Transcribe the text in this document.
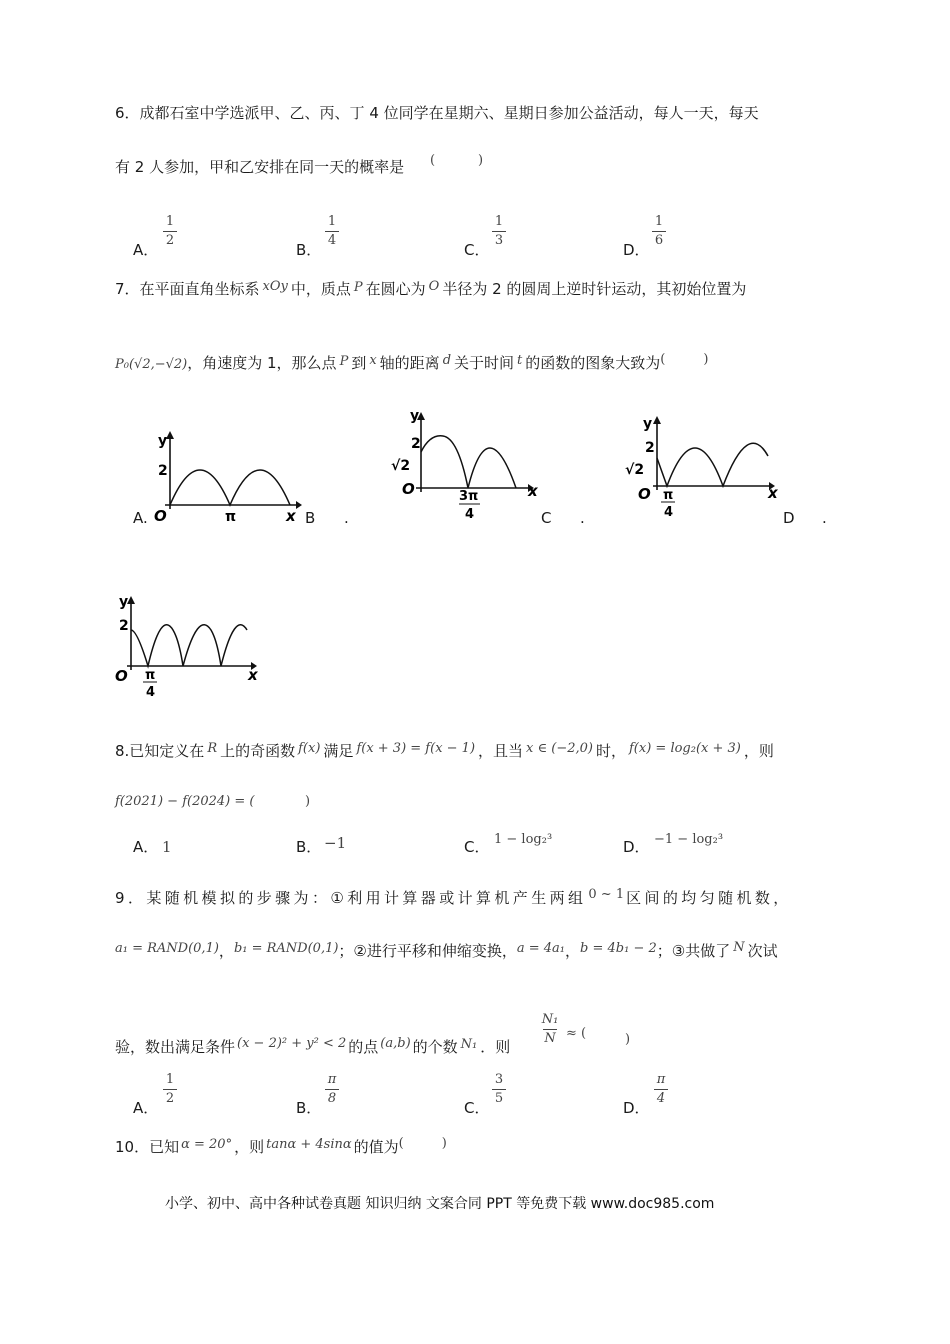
6．成都石室中学选派甲、乙、丙、丁 4 位同学在星期六、星期日参加公益活动，每人一天，每天
有 2 人参加，甲和乙安排在同一天的概率是 (	)
A．
1
2
B．
1
4
C．
1
3
D．
1
6
7．在平面直角坐标系 xOy 中，质点 P 在圆心为 O 半径为 2 的圆周上逆时针运动，其初始位置为
P₀(√2,−√2)，角速度为 1，那么点 P 到 x 轴的距离 d 关于时间 t 的函数的图象大致为(	)
A.	B .	C .	D .
y
2
O	π	x
y
2
√2
O	3π
4
x
y
2
√2
O π
4
x
y
2
O π
4
x
8.已知定义在 R 上的奇函数 f(x) 满足 f(x + 3) = f(x − 1) ，且当 x ∈ (−2,0) 时， f(x) = log₂(x + 3) ，则
f(2021) − f(2024) = (	)
A． 1	B． −1	C． 1 − log₂³	D． −1 − log₂³
9．某随机模拟的步骤为：①利用计算器或计算机产生两组 0 ~ 1 区间的均匀随机数，
a₁ = RAND(0,1)，b₁ = RAND(0,1)；②进行平移和伸缩变换，a = 4a₁，b = 4b₁ − 2；③共做了 N 次试
验，数出满足条件 (x − 2)² + y² < 2 的点 (a,b) 的个数 N₁ ．则
N₁
N ≈ (	)
A．
1
2
B．
π
8
C．
3
5
D．
π
4
10．已知 α = 20° ，则 tanα + 4sinα 的值为(	)
小学、初中、高中各种试卷真题 知识归纳 文案合同 PPT 等免费下载 www.doc985.com
